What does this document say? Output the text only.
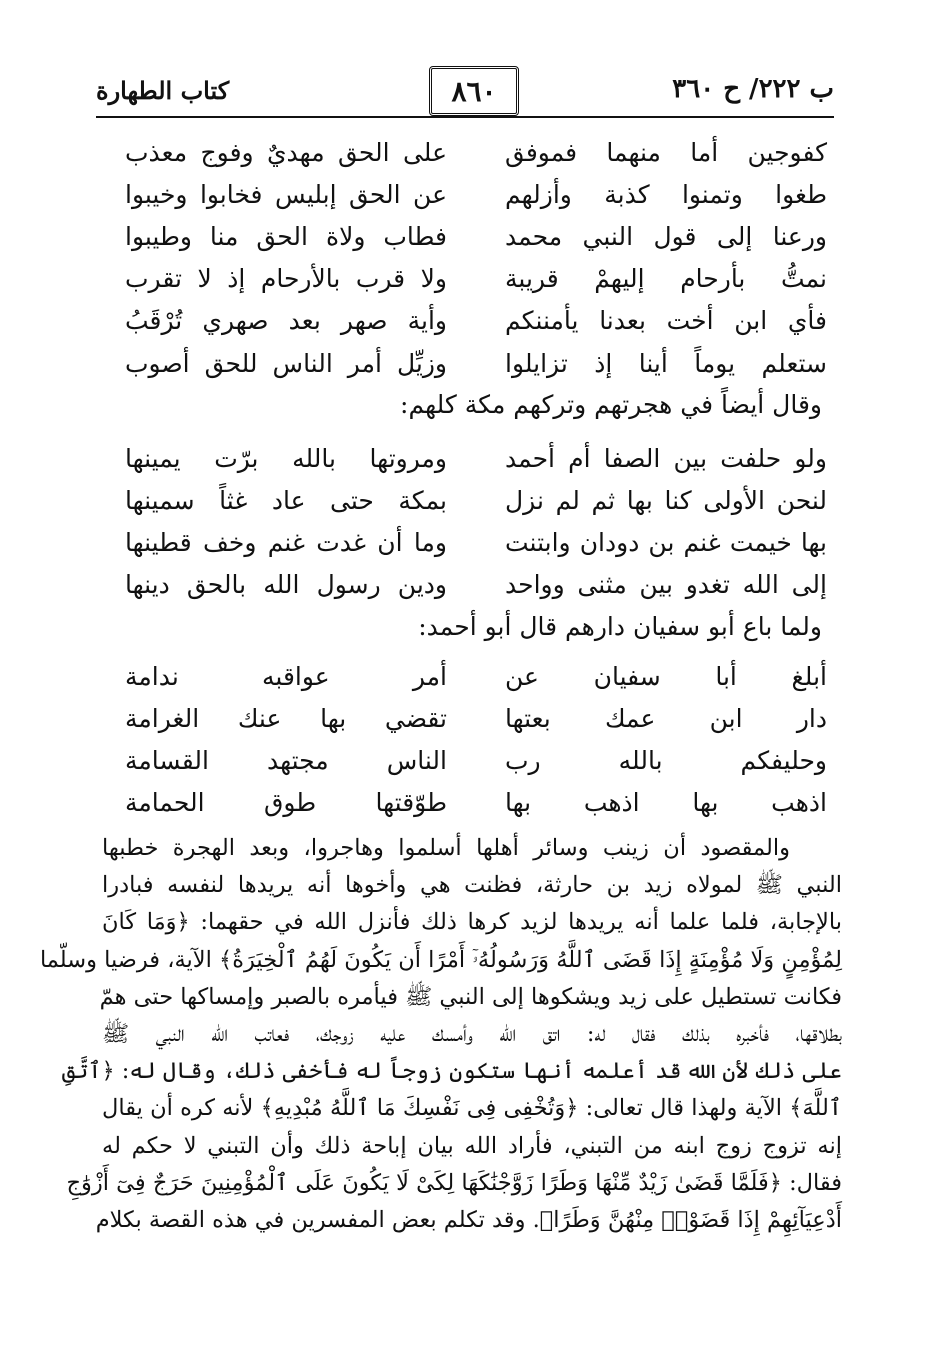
ب ٢٢٢/ ح ٣٦٠
٨٦٠
كتاب الطهارة
كفوجين أما منهما فموفق
على الحق مهديٌ وفوج معذب
طغوا وتمنوا كذبة وأزلهم
عن الحق إبليس فخابوا وخيبوا
ورعنا إلى قول النبي محمد
فطاب ولاة الحق منا وطيبوا
نمتُّ بأرحام إليهمْ قريبة
ولا قرب بالأرحام إذ لا تقرب
فأي ابن أخت بعدنا يأمننكم
وأية صهر بعد صهري تُرْقَبُ
ستعلم يوماً أينا إذ تزايلوا
وزيِّل أمر الناس للحق أصوب
وقال أيضاً في هجرتهم وتركهم مكة كلهم:
ولو حلفت بين الصفا أم أحمد
ومروتها بالله برّت يمينها
لنحن الأولى كنا بها ثم لم نزل
بمكة حتى عاد غثاً سمينها
بها خيمت غنم بن دودان وابتنت
وما أن غدت غنم وخف قطينها
إلى الله تغدو بين مثنى وواحد
ودين رسول الله بالحق دينها
ولما باع أبو سفيان دارهم قال أبو أحمد:
أبلغ أبا سفيان عن
أمر عواقبه ندامة
دار ابن عمك بعتها
تقضي بها عنك الغرامة
وحليفكم بالله رب
الناس مجتهد القسامة
اذهب بها اذهب بها
طوّقتها طوق الحمامة
والمقصود أن زينب وسائر أهلها أسلموا وهاجروا، وبعد الهجرة خطبها
النبي ﷺ لمولاه زيد بن حارثة، فظنت هي وأخوها أنه يريدها لنفسه فبادرا
بالإجابة، فلما علما أنه يريدها لزيد كرها ذلك فأنزل الله في حقهما: ﴿وَمَا كَانَ
لِمُؤْمِنٍ وَلَا مُؤْمِنَةٍ إِذَا قَضَى ٱللَّهُ وَرَسُولُهُۥٓ أَمْرًا أَن يَكُونَ لَهُمُ ٱلْخِيَرَةُ﴾ الآية، فرضيا وسلّما
فكانت تستطيل على زيد ويشكوها إلى النبي ﷺ فيأمره بالصبر وإمساكها حتى همّ
بطلاقها، فأخبره بذلك فقال له: اتق الله وأمسك عليه زوجك، فعاتب الله النبي ﷺ
على ذلك لأن الله قد أعلمه أنها ستكون زوجاً له فأخفى ذلك، وقال له: ﴿ٱتَّقِ
ٱللَّهَ﴾ الآية ولهذا قال تعالى: ﴿وَتُخْفِى فِى نَفْسِكَ مَا ٱللَّهُ مُبْدِيهِ﴾ لأنه كره أن يقال
إنه تزوج زوج ابنه من التبني، فأراد الله بيان إباحة ذلك وأن التبني لا حكم له
فقال: ﴿فَلَمَّا قَضَىٰ زَيْدٌ مِّنْهَا وَطَرًا زَوَّجْنَٰكَهَا لِكَىْ لَا يَكُونَ عَلَى ٱلْمُؤْمِنِينَ حَرَجٌ فِىٓ أَزْوَٰجِ
أَدْعِيَآئِهِمْ إِذَا قَضَوْا۟ مِنْهُنَّ وَطَرًا﴾. وقد تكلم بعض المفسرين في هذه القصة بكلام
